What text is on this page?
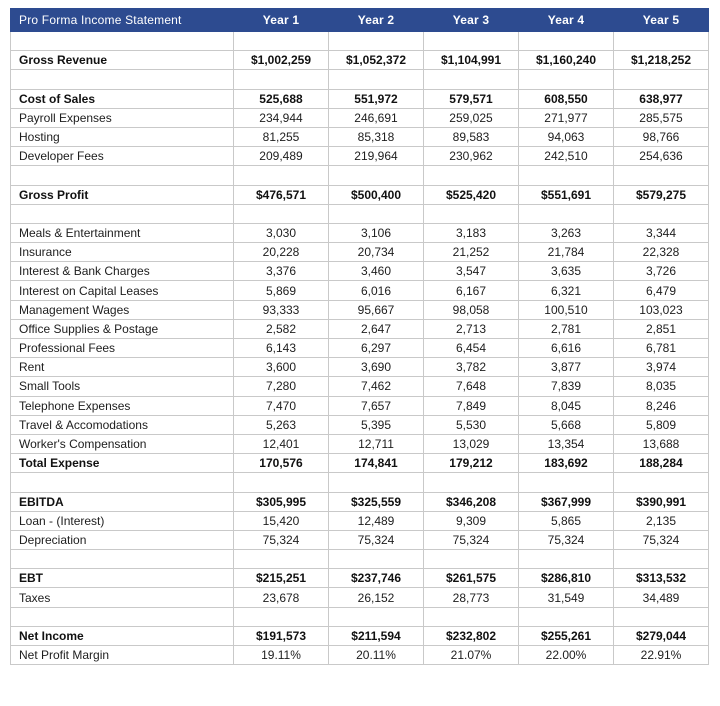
Pro Forma Income Statement	Year 1	Year 2	Year 3	Year 4	Year 5

Gross Revenue	$1,002,259	$1,052,372	$1,104,991	$1,160,240	$1,218,252

Cost of Sales	525,688	551,972	579,571	608,550	638,977
Payroll Expenses	234,944	246,691	259,025	271,977	285,575
Hosting	81,255	85,318	89,583	94,063	98,766
Developer Fees	209,489	219,964	230,962	242,510	254,636

Gross Profit	$476,571	$500,400	$525,420	$551,691	$579,275

Meals & Entertainment	3,030	3,106	3,183	3,263	3,344
Insurance	20,228	20,734	21,252	21,784	22,328
Interest & Bank Charges	3,376	3,460	3,547	3,635	3,726
Interest on Capital Leases	5,869	6,016	6,167	6,321	6,479
Management Wages	93,333	95,667	98,058	100,510	103,023
Office Supplies & Postage	2,582	2,647	2,713	2,781	2,851
Professional Fees	6,143	6,297	6,454	6,616	6,781
Rent	3,600	3,690	3,782	3,877	3,974
Small Tools	7,280	7,462	7,648	7,839	8,035
Telephone Expenses	7,470	7,657	7,849	8,045	8,246
Travel & Accomodations	5,263	5,395	5,530	5,668	5,809
Worker's Compensation	12,401	12,711	13,029	13,354	13,688
Total Expense	170,576	174,841	179,212	183,692	188,284

EBITDA	$305,995	$325,559	$346,208	$367,999	$390,991
Loan - (Interest)	15,420	12,489	9,309	5,865	2,135
Depreciation	75,324	75,324	75,324	75,324	75,324

EBT	$215,251	$237,746	$261,575	$286,810	$313,532
Taxes	23,678	26,152	28,773	31,549	34,489

Net Income	$191,573	$211,594	$232,802	$255,261	$279,044
Net Profit Margin	19.11%	20.11%	21.07%	22.00%	22.91%
